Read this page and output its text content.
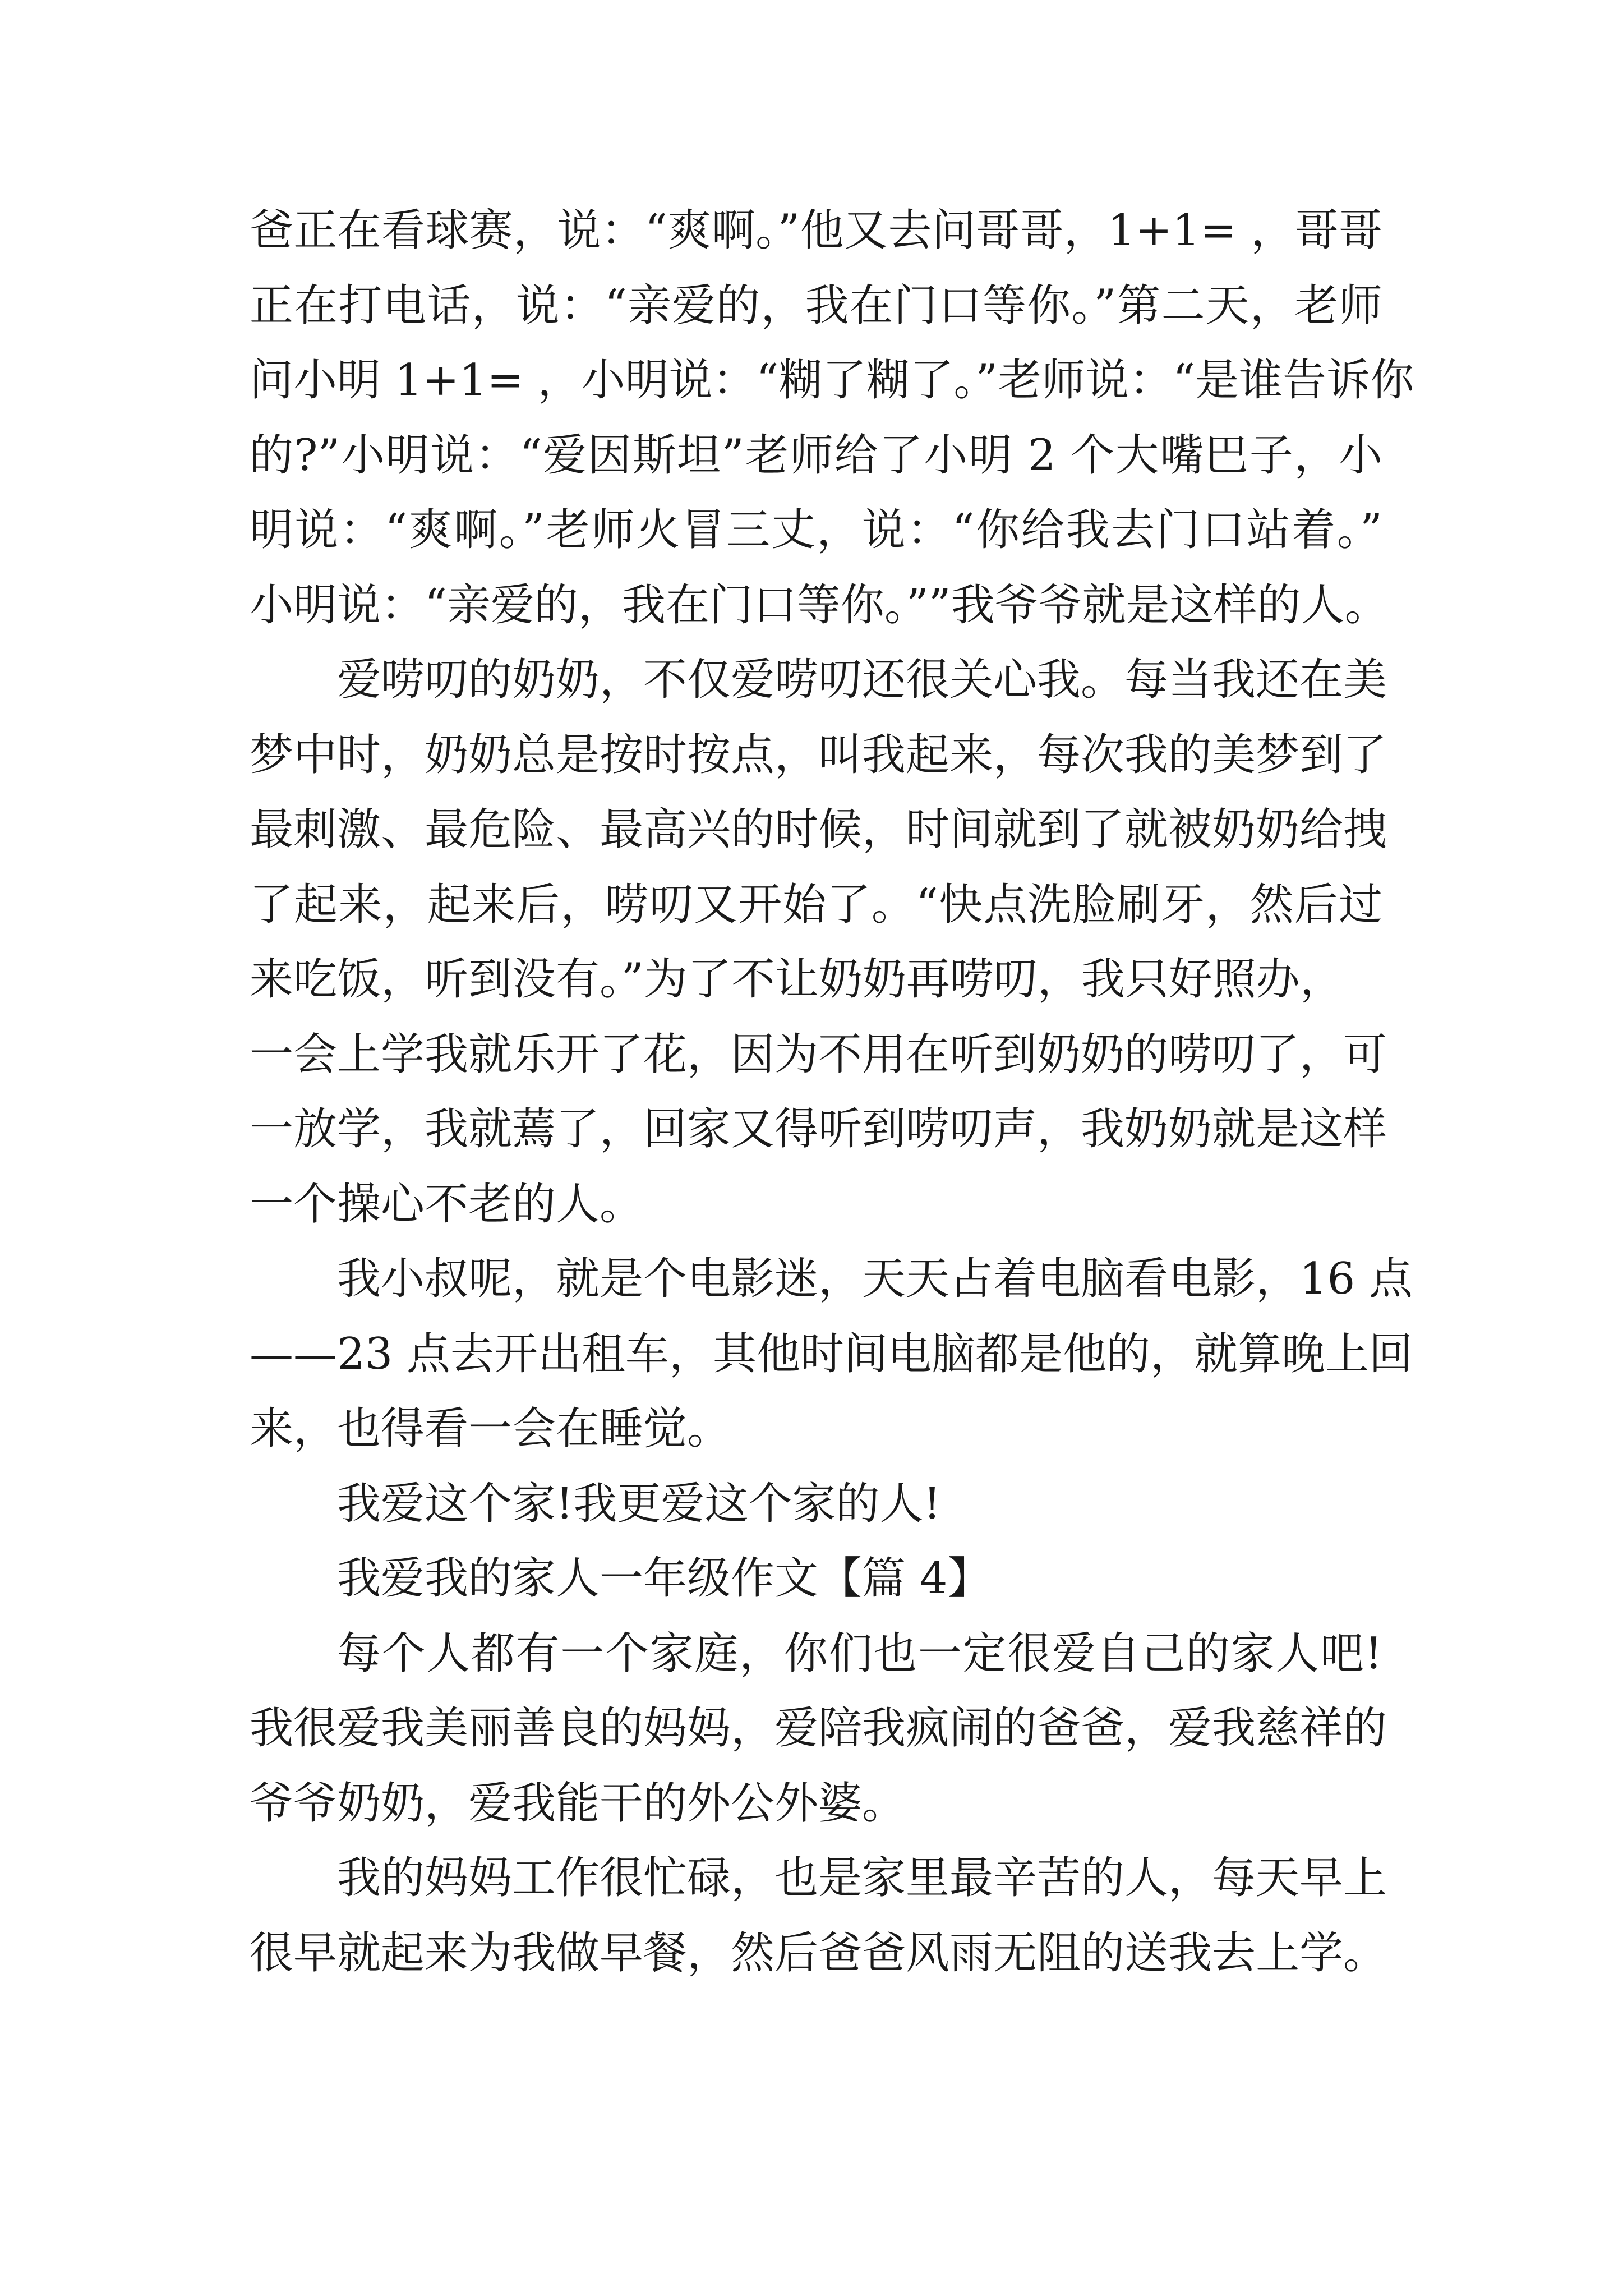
爸正在看球赛，说：“爽啊。”他又去问哥哥，1+1= ，哥哥
正在打电话，说：“亲爱的，我在门口等你。”第二天，老师
问小明 1+1= ，小明说：“糊了糊了。”老师说：“是谁告诉你
的?”小明说：“爱因斯坦”老师给了小明 2 个大嘴巴子，小
明说：“爽啊。”老师火冒三丈，说：“你给我去门口站着。”
小明说：“亲爱的，我在门口等你。””我爷爷就是这样的人。
爱唠叨的奶奶，不仅爱唠叨还很关心我。每当我还在美
梦中时，奶奶总是按时按点，叫我起来，每次我的美梦到了
最刺激、最危险、最高兴的时候，时间就到了就被奶奶给拽
了起来，起来后，唠叨又开始了。“快点洗脸刷牙，然后过
来吃饭，听到没有。”为了不让奶奶再唠叨，我只好照办，
一会上学我就乐开了花，因为不用在听到奶奶的唠叨了，可
一放学，我就蔫了，回家又得听到唠叨声，我奶奶就是这样
一个操心不老的人。
我小叔呢，就是个电影迷，天天占着电脑看电影，16 点
——23 点去开出租车，其他时间电脑都是他的，就算晚上回
来，也得看一会在睡觉。
我爱这个家!我更爱这个家的人!
我爱我的家人一年级作文【篇 4】
每个人都有一个家庭，你们也一定很爱自己的家人吧!
我很爱我美丽善良的妈妈，爱陪我疯闹的爸爸，爱我慈祥的
爷爷奶奶，爱我能干的外公外婆。
我的妈妈工作很忙碌，也是家里最辛苦的人，每天早上
很早就起来为我做早餐，然后爸爸风雨无阻的送我去上学。
